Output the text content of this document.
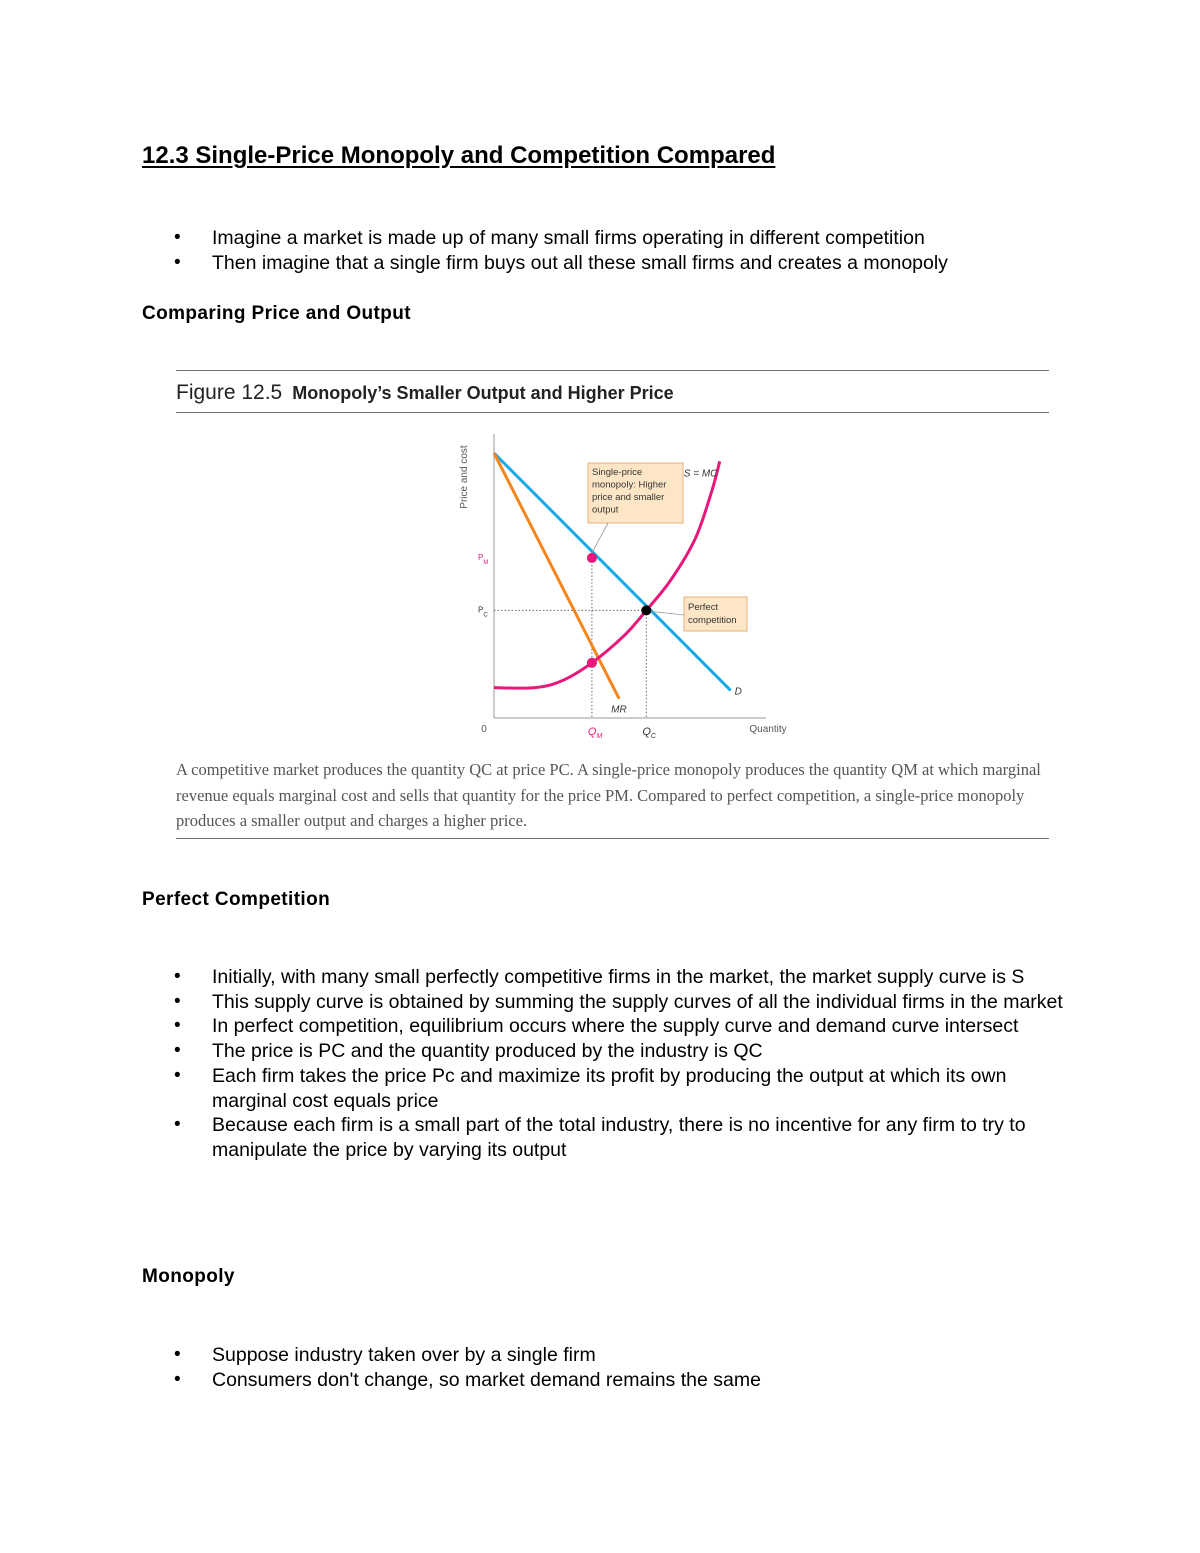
12.3 Single-Price Monopoly and Competition Compared
• Imagine a market is made up of many small firms operating in different competition
• Then imagine that a single firm buys out all these small firms and creates a monopoly
Comparing Price and Output
Figure 12.5 Monopoly’s Smaller Output and Higher Price
0	Quantity
Price and cost
$Q_M$	$Q_C$
$P_M$
$P_C$
D
MR
S = MC
Single-price monopoly: Higher price and smaller output
Perfect competition
A competitive market produces the quantity QC at price PC. A single-price monopoly produces the quantity QM at which marginal revenue equals marginal cost and sells that quantity for the price PM. Compared to perfect competition, a single-price monopoly produces a smaller output and charges a higher price.
Perfect Competition
• Initially, with many small perfectly competitive firms in the market, the market supply curve is S
• This supply curve is obtained by summing the supply curves of all the individual firms in the market
• In perfect competition, equilibrium occurs where the supply curve and demand curve intersect
• The price is PC and the quantity produced by the industry is QC
• Each firm takes the price Pc and maximize its profit by producing the output at which its own marginal cost equals price
• Because each firm is a small part of the total industry, there is no incentive for any firm to try to manipulate the price by varying its output
Monopoly
• Suppose industry taken over by a single firm
• Consumers don't change, so market demand remains the same
